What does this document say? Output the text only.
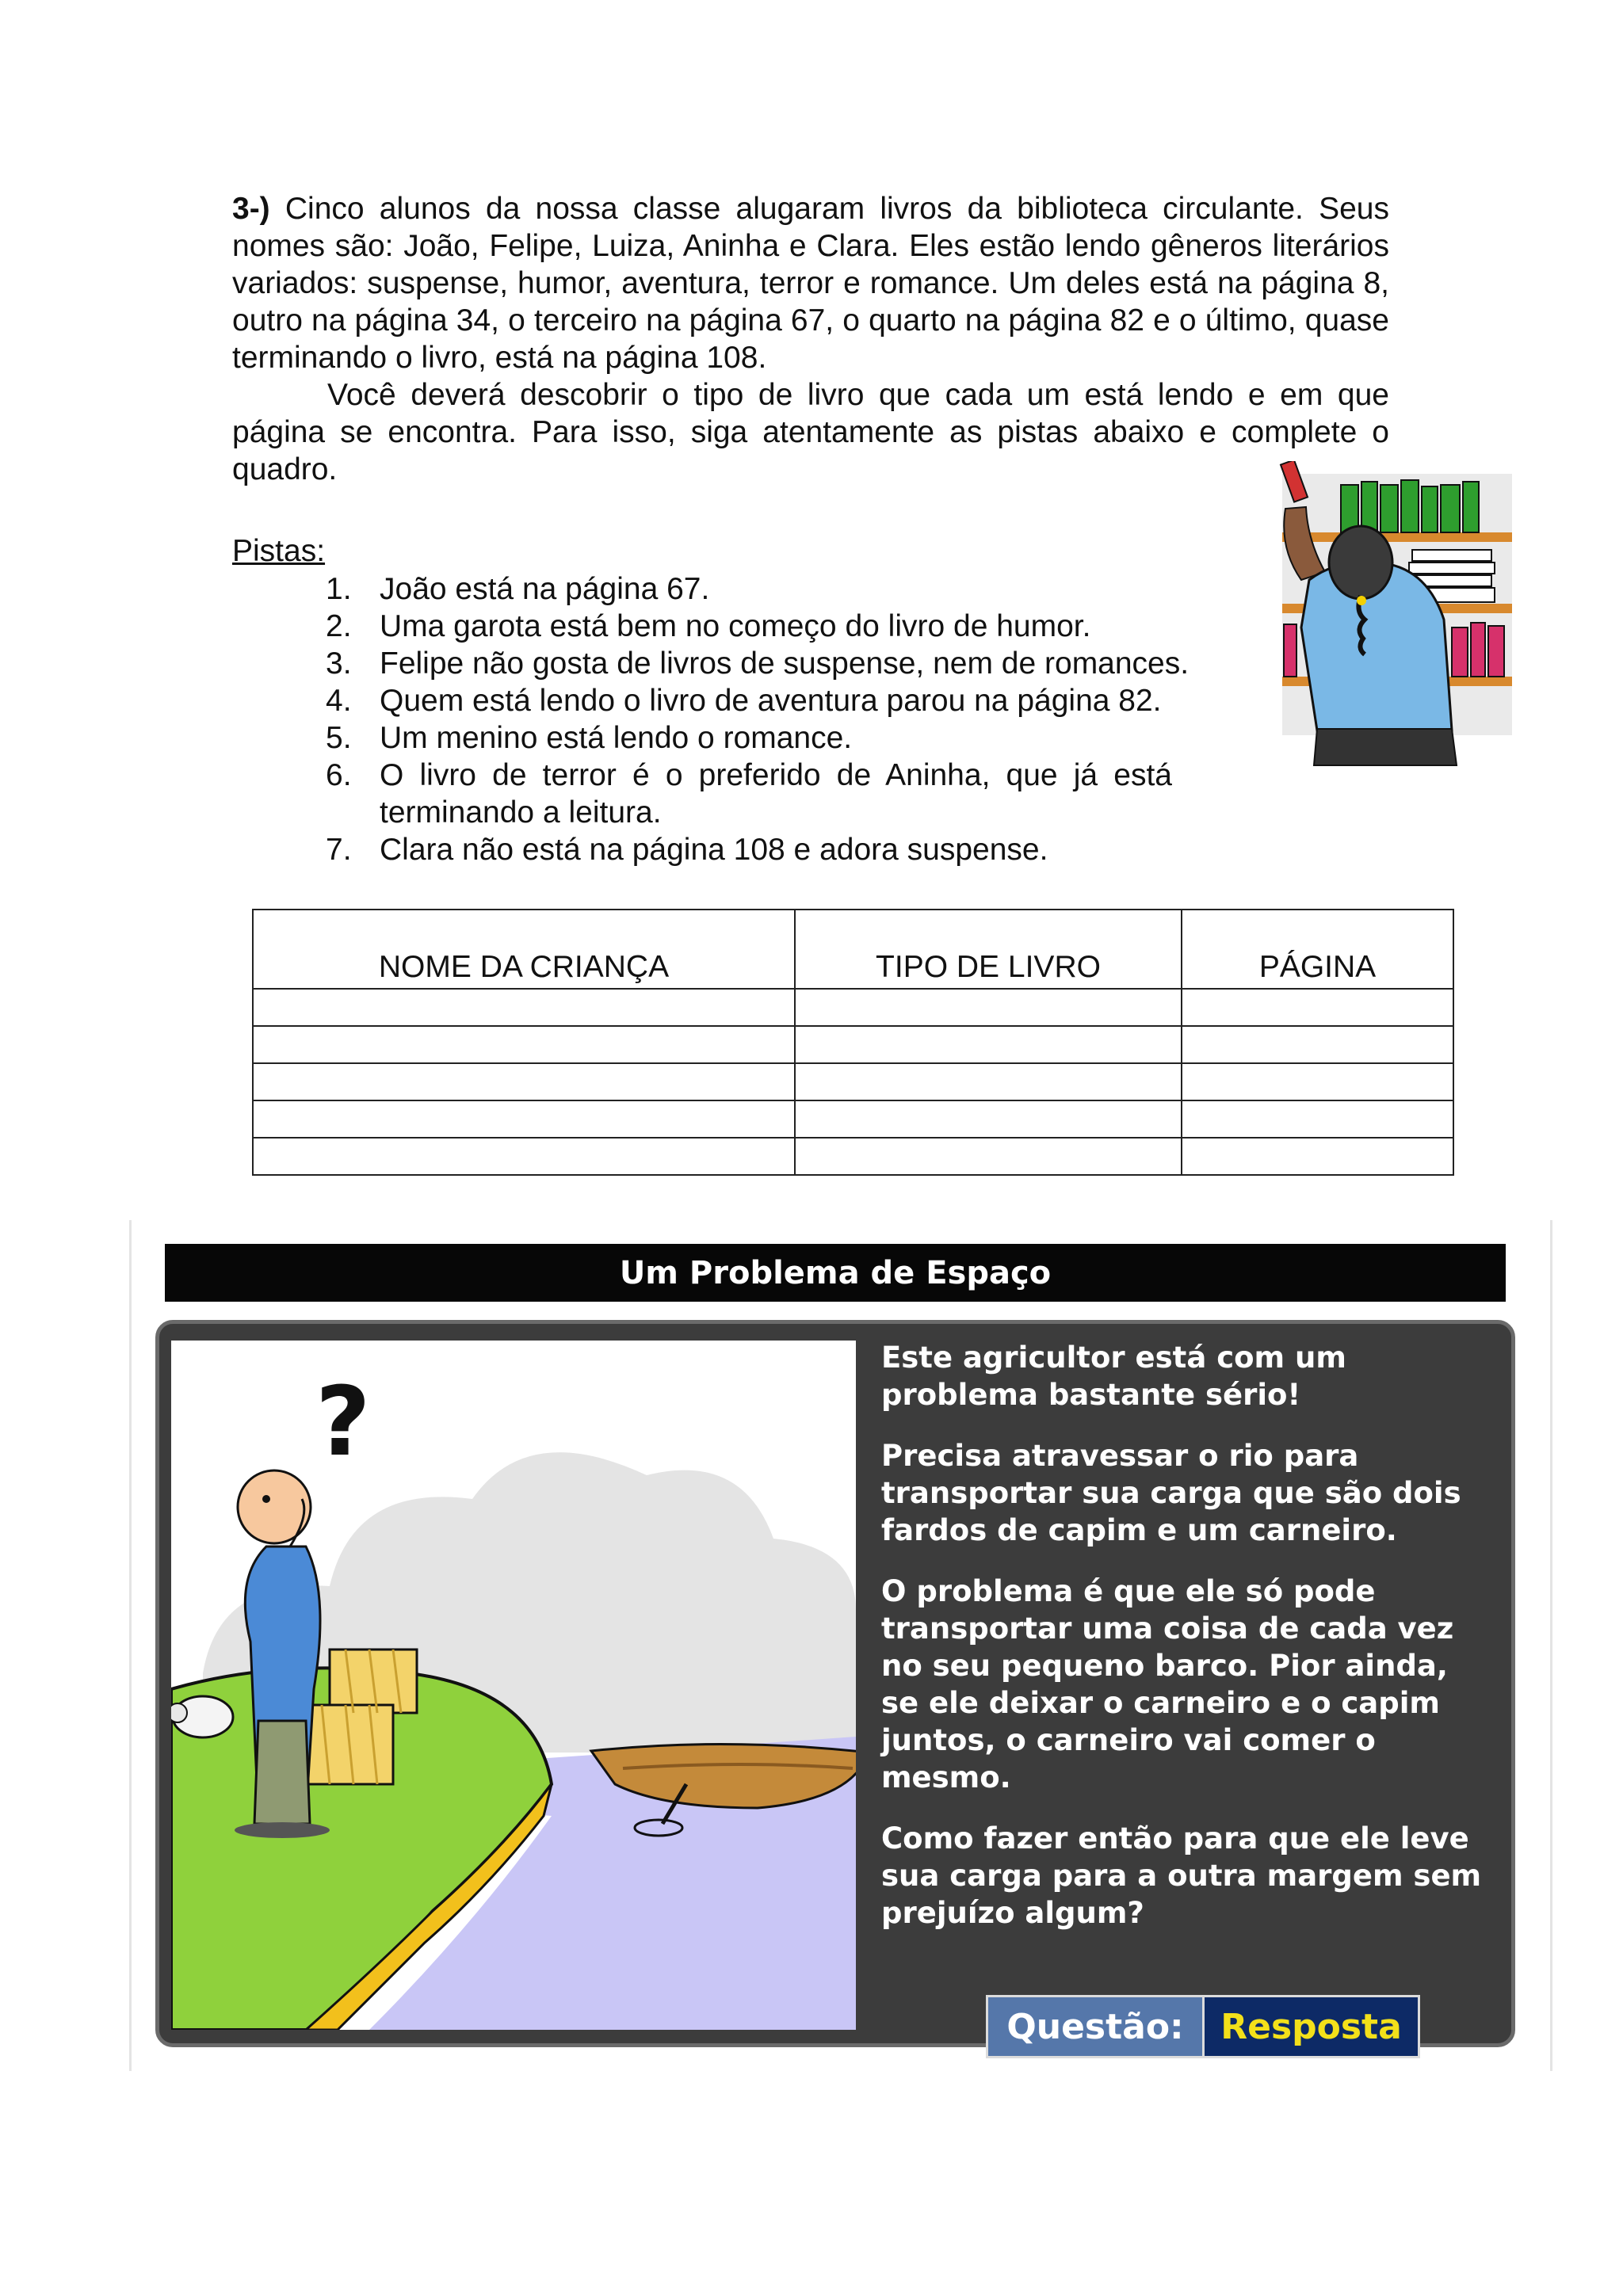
3-) Cinco alunos da nossa classe alugaram livros da biblioteca circulante. Seus nomes são: João, Felipe, Luiza, Aninha e Clara. Eles estão lendo gêneros literários variados: suspense, humor, aventura, terror e romance. Um deles está na página 8, outro na página 34, o terceiro na página 67, o quarto na página 82 e o último, quase terminando o livro, está na página 108.

Você deverá descobrir o tipo de livro que cada um está lendo e em que página se encontra. Para isso, siga atentamente as pistas abaixo e complete o quadro.

Pistas:
1. João está na página 67.
2. Uma garota está bem no começo do livro de humor.
3. Felipe não gosta de livros de suspense, nem de romances.
4. Quem está lendo o livro de aventura parou na página 82.
5. Um menino está lendo o romance.
6. O livro de terror é o preferido de Aninha, que já está terminando a leitura.
7. Clara não está na página 108 e adora suspense.
NOME DA CRIANÇA	TIPO DE LIVRO	PÁGINA

Um Problema de Espaço
?

Este agricultor está com um problema bastante sério!

Precisa atravessar o rio para transportar sua carga que são dois fardos de capim e um carneiro.

O problema é que ele só pode transportar uma coisa de cada vez no seu pequeno barco. Pior ainda, se ele deixar o carneiro e o capim juntos, o carneiro vai comer o mesmo.

Como fazer então para que ele leve sua carga para a outra margem sem prejuízo algum?

Questão:	Resposta
